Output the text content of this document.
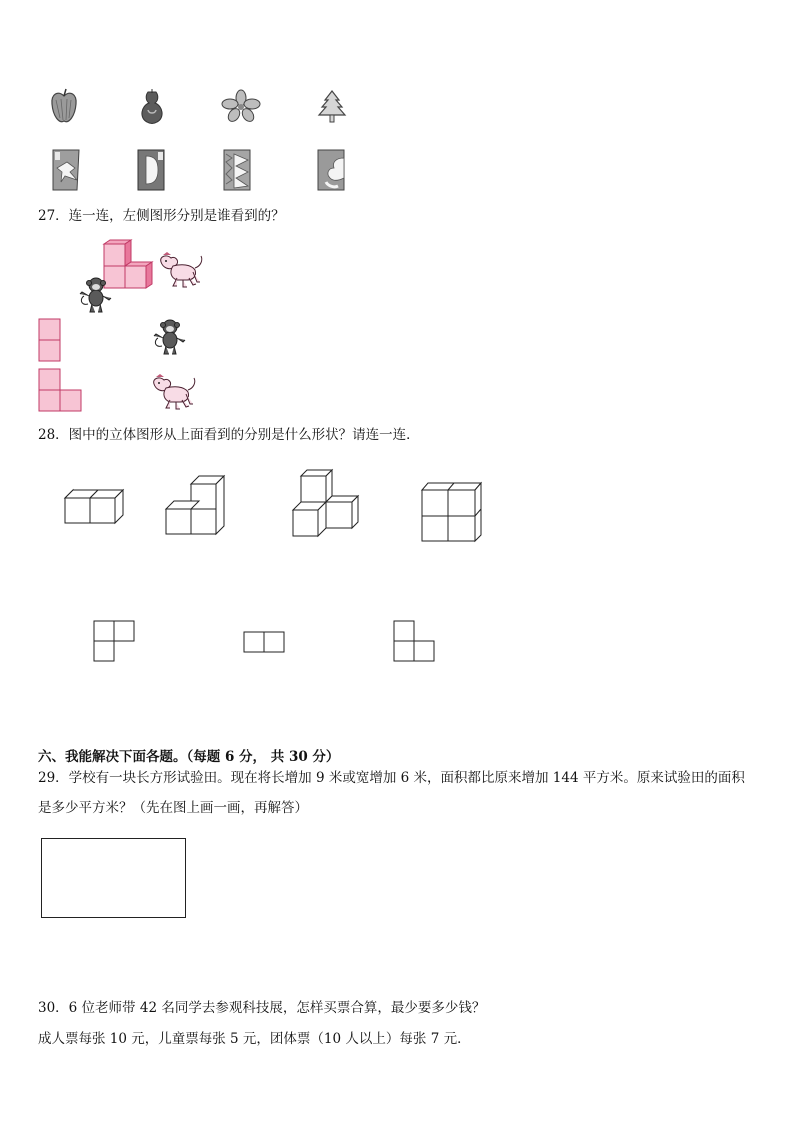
27．连一连，左侧图形分别是谁看到的？
28．图中的立体图形从上面看到的分别是什么形状？请连一连．
六、我能解决下面各题。（每题 6 分， 共 30 分）
29．学校有一块长方形试验田。现在将长增加 9 米或宽增加 6 米，面积都比原来增加 144 平方米。原来试验田的面积
是多少平方米？（先在图上画一画，再解答）
30．6 位老师带 42 名同学去参观科技展，怎样买票合算，最少要多少钱？
成人票每张 10 元，儿童票每张 5 元，团体票（10 人以上）每张 7 元．
